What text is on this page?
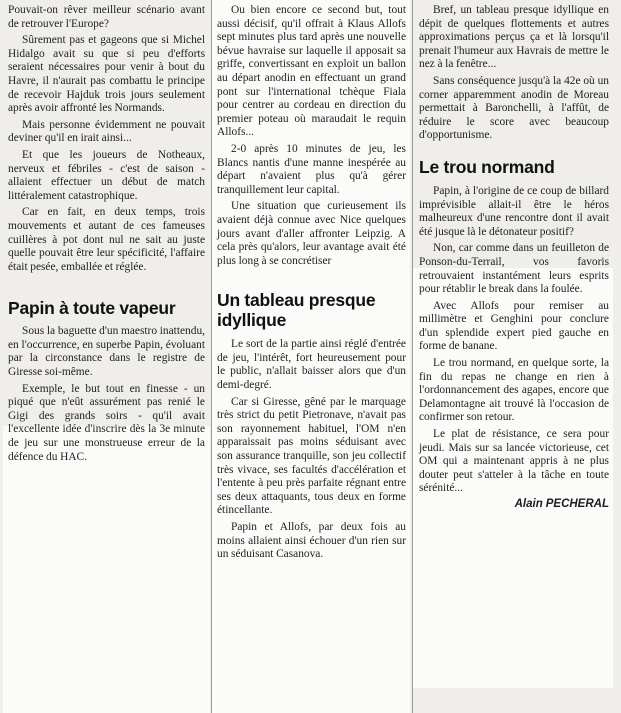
Pouvait-on rêver meilleur scénario avant de retrouver l'Europe?

Sûrement pas et gageons que si Michel Hidalgo avait su que si peu d'efforts seraient nécessaires pour venir à bout du Havre, il n'aurait pas combattu le principe de recevoir Hajduk trois jours seulement après avoir affronté les Normands.

Mais personne évidemment ne pouvait deviner qu'il en irait ainsi...

Et que les joueurs de Notheaux, nerveux et fébriles - c'est de saison - allaient effectuer un début de match littéralement catastrophique.

Car en fait, en deux temps, trois mouvements et autant de ces fameuses cuillères à pot dont nul ne sait au juste quelle pouvait être leur spécificité, l'affaire était pesée, emballée et réglée.

Papin à toute vapeur

Sous la baguette d'un maestro inattendu, en l'occurrence, en superbe Papin, évoluant par la circonstance dans le registre de Giresse soi-même.

Exemple, le but tout en finesse - un piqué que n'eût assurément pas renié le Gigi des grands soirs - qu'il avait l'excellente idée d'inscrire dès la 3e minute de jeu sur une monstrueuse erreur de la défence du HAC.

Ou bien encore ce second but, tout aussi décisif, qu'il offrait à Klaus Allofs sept minutes plus tard après une nouvelle bévue havraise sur laquelle il apposait sa griffe, convertissant en exploit un ballon au départ anodin en effectuant un grand pont sur l'international tchèque Fiala pour centrer au cordeau en direction du premier poteau où maraudait le requin Allofs...

2-0 après 10 minutes de jeu, les Blancs nantis d'une manne inespérée au départ n'avaient plus qu'à gérer tranquillement leur capital.

Une situation que curieusement ils avaient déjà connue avec Nice quelques jours avant d'aller affronter Leipzig. A cela près qu'alors, leur avantage avait été plus long à se concrétiser

Un tableau presque idyllique

Le sort de la partie ainsi réglé d'entrée de jeu, l'intérêt, fort heureusement pour le public, n'allait baisser alors que d'un demi-degré.

Car si Giresse, gêné par le marquage très strict du petit Pietronave, n'avait pas son rayonnement habituel, l'OM n'en apparaissait pas moins séduisant avec son assurance tranquille, son jeu collectif très vivace, ses facultés d'accélération et l'entente à peu près parfaite régnant entre ses deux attaquants, tous deux en forme étincellante.

Papin et Allofs, par deux fois au moins allaient ainsi échouer d'un rien sur un séduisant Casanova.

Bref, un tableau presque idyllique en dépit de quelques flottements et autres approximations perçus ça et là lorsqu'il prenait l'humeur aux Havrais de mettre le nez à la fenêtre...

Sans conséquence jusqu'à la 42e où un corner apparemment anodin de Moreau permettait à Baronchelli, à l'affût, de réduire le score avec beaucoup d'opportunisme.

Le trou normand

Papin, à l'origine de ce coup de billard imprévisible allait-il être le héros malheureux d'une rencontre dont il avait été jusque là le détonateur positif?

Non, car comme dans un feuilleton de Ponson-du-Terrail, vos favoris retrouvaient instantément leurs esprits pour rétablir le break dans la foulée.

Avec Allofs pour remiser au millimètre et Genghini pour conclure d'un splendide expert pied gauche en forme de banane.

Le trou normand, en quelque sorte, la fin du repas ne change en rien à l'ordonnancement des agapes, encore que Delamontagne ait trouvé là l'occasion de confirmer son retour.

Le plat de résistance, ce sera pour jeudi. Mais sur sa lancée victorieuse, cet OM qui a maintenant appris à ne plus douter peut s'atteler à la tâche en toute sérénité...

Alain PECHERAL
